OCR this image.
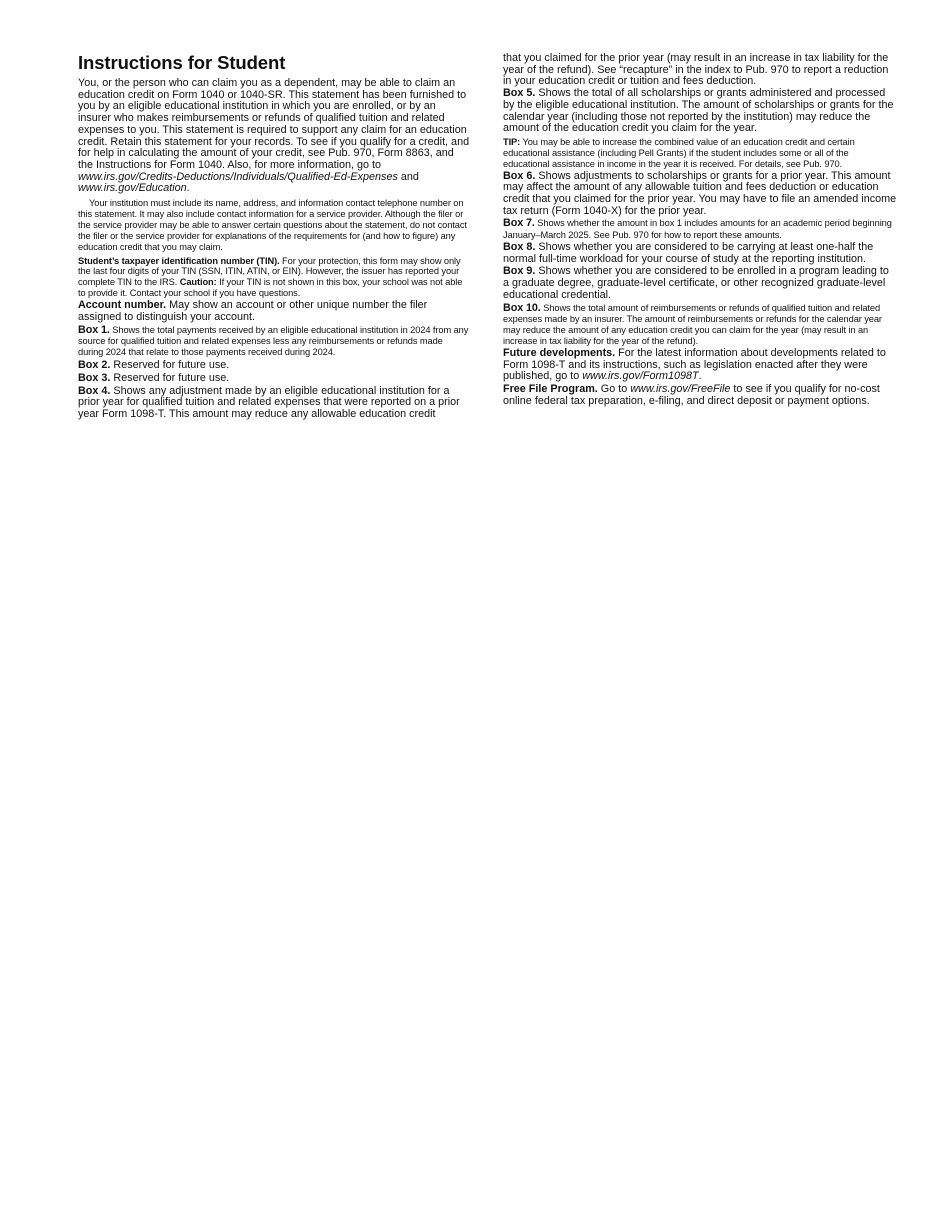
Instructions for Student

You, or the person who can claim you as a dependent, may be able to claim an education credit on Form 1040 or 1040-SR. This statement has been furnished to you by an eligible educational institution in which you are enrolled, or by an insurer who makes reimbursements or refunds of qualified tuition and related expenses to you. This statement is required to support any claim for an education credit. Retain this statement for your records. To see if you qualify for a credit, and for help in calculating the amount of your credit, see Pub. 970, Form 8863, and the Instructions for Form 1040. Also, for more information, go to www.irs.gov/Credits-Deductions/Individuals/Qualified-Ed-Expenses and www.irs.gov/Education.

Your institution must include its name, address, and information contact telephone number on this statement. It may also include contact information for a service provider. Although the filer or the service provider may be able to answer certain questions about the statement, do not contact the filer or the service provider for explanations of the requirements for (and how to figure) any education credit that you may claim.

Student’s taxpayer identification number (TIN). For your protection, this form may show only the last four digits of your TIN (SSN, ITIN, ATIN, or EIN). However, the issuer has reported your complete TIN to the IRS. Caution: If your TIN is not shown in this box, your school was not able to provide it. Contact your school if you have questions.

Account number. May show an account or other unique number the filer assigned to distinguish your account.

Box 1. Shows the total payments received by an eligible educational institution in 2024 from any source for qualified tuition and related expenses less any reimbursements or refunds made during 2024 that relate to those payments received during 2024.

Box 2. Reserved for future use.

Box 3. Reserved for future use.

Box 4. Shows any adjustment made by an eligible educational institution for a prior year for qualified tuition and related expenses that were reported on a prior year Form 1098-T. This amount may reduce any allowable education credit

that you claimed for the prior year (may result in an increase in tax liability for the year of the refund). See “recapture” in the index to Pub. 970 to report a reduction in your education credit or tuition and fees deduction.

Box 5. Shows the total of all scholarships or grants administered and processed by the eligible educational institution. The amount of scholarships or grants for the calendar year (including those not reported by the institution) may reduce the amount of the education credit you claim for the year.

TIP: You may be able to increase the combined value of an education credit and certain educational assistance (including Pell Grants) if the student includes some or all of the educational assistance in income in the year it is received. For details, see Pub. 970.

Box 6. Shows adjustments to scholarships or grants for a prior year. This amount may affect the amount of any allowable tuition and fees deduction or education credit that you claimed for the prior year. You may have to file an amended income tax return (Form 1040-X) for the prior year.

Box 7. Shows whether the amount in box 1 includes amounts for an academic period beginning January–March 2025. See Pub. 970 for how to report these amounts.

Box 8. Shows whether you are considered to be carrying at least one-half the normal full-time workload for your course of study at the reporting institution.

Box 9. Shows whether you are considered to be enrolled in a program leading to a graduate degree, graduate-level certificate, or other recognized graduate-level educational credential.

Box 10. Shows the total amount of reimbursements or refunds of qualified tuition and related expenses made by an insurer. The amount of reimbursements or refunds for the calendar year may reduce the amount of any education credit you can claim for the year (may result in an increase in tax liability for the year of the refund).

Future developments. For the latest information about developments related to Form 1098-T and its instructions, such as legislation enacted after they were published, go to www.irs.gov/Form1098T.

Free File Program. Go to www.irs.gov/FreeFile to see if you qualify for no-cost online federal tax preparation, e-filing, and direct deposit or payment options.
